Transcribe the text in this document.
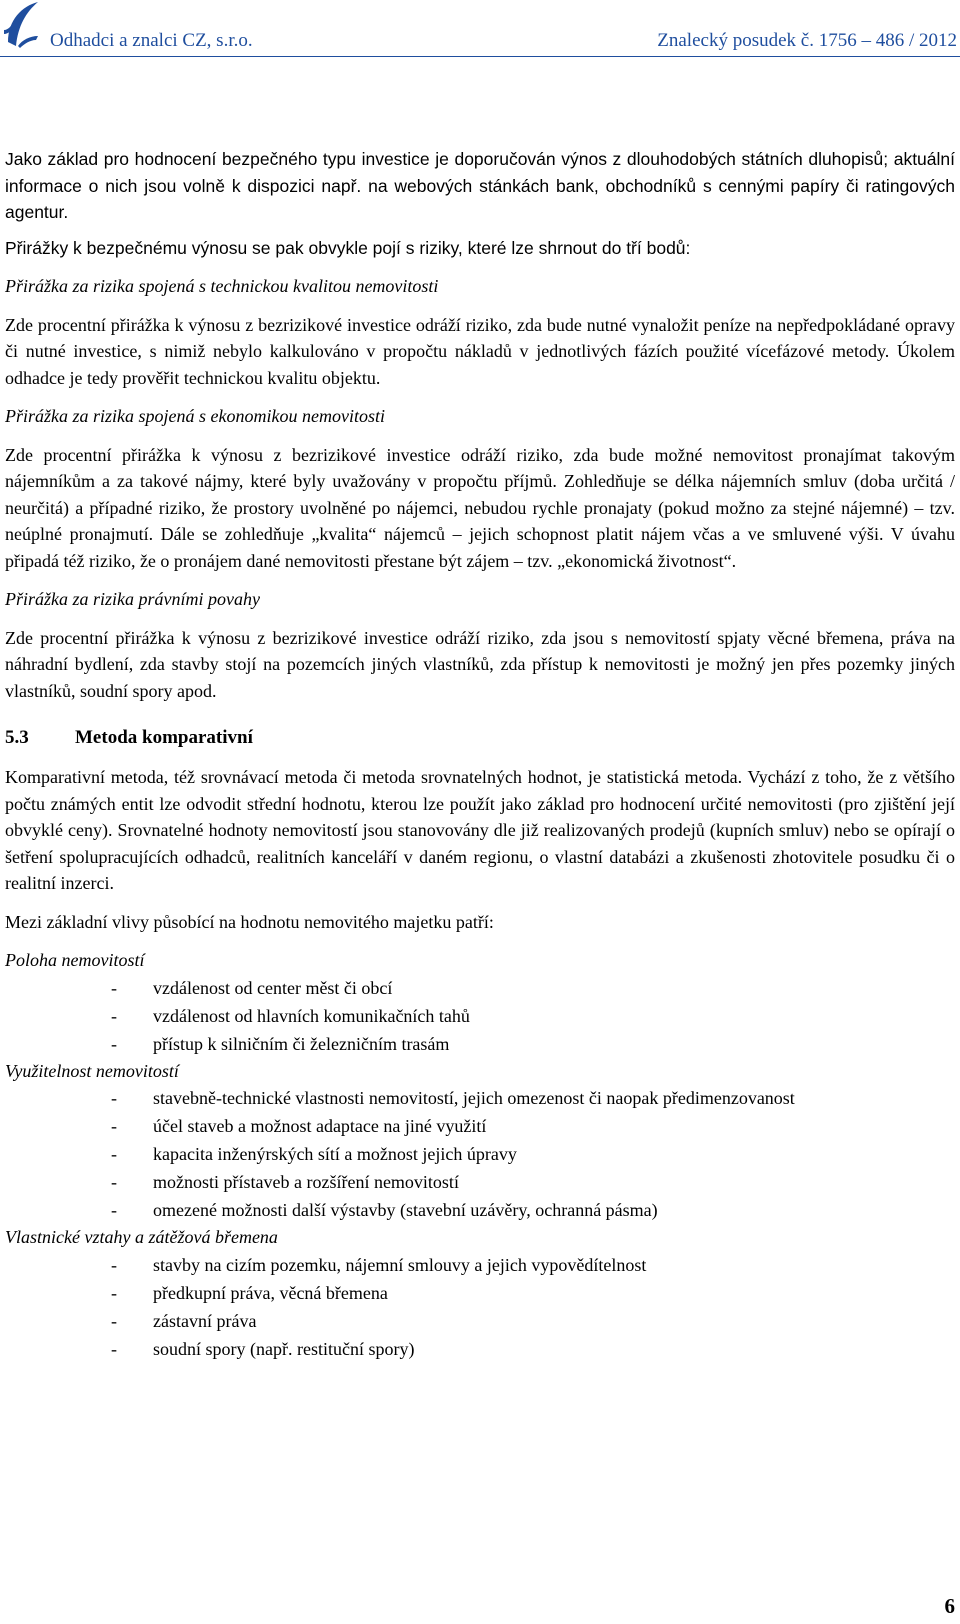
Odhadci a znalci CZ, s.r.o.	Znalecký posudek č. 1756 – 486 / 2012

Jako základ pro hodnocení bezpečného typu investice je doporučován výnos z dlouhodobých státních dluhopisů; aktuální informace o nich jsou volně k dispozici např. na webových stánkách bank, obchodníků s cennými papíry či ratingových agentur.

Přirážky k bezpečnému výnosu se pak obvykle pojí s riziky, které lze shrnout do tří bodů:

Přirážka za rizika spojená s technickou kvalitou nemovitosti

Zde procentní přirážka k výnosu z bezrizikové investice odráží riziko, zda bude nutné vynaložit peníze na nepředpokládané opravy či nutné investice, s nimiž nebylo kalkulováno v propočtu nákladů v jednotlivých fázích použité vícefázové metody. Úkolem odhadce je tedy prověřit technickou kvalitu objektu.

Přirážka za rizika spojená s ekonomikou nemovitosti

Zde procentní přirážka k výnosu z bezrizikové investice odráží riziko, zda bude možné nemovitost pronajímat takovým nájemníkům a za takové nájmy, které byly uvažovány v propočtu příjmů. Zohledňuje se délka nájemních smluv (doba určitá / neurčitá) a případné riziko, že prostory uvolněné po nájemci, nebudou rychle pronajaty (pokud možno za stejné nájemné) – tzv. neúplné pronajmutí. Dále se zohledňuje „kvalita“ nájemců – jejich schopnost platit nájem včas a ve smluvené výši. V úvahu připadá též riziko, že o pronájem dané nemovitosti přestane být zájem – tzv. „ekonomická životnost“.

Přirážka za rizika právními povahy

Zde procentní přirážka k výnosu z bezrizikové investice odráží riziko, zda jsou s nemovitostí spjaty věcné břemena, práva na náhradní bydlení, zda stavby stojí na pozemcích jiných vlastníků, zda přístup k nemovitosti je možný jen přes pozemky jiných vlastníků, soudní spory apod.

5.3 Metoda komparativní

Komparativní metoda, též srovnávací metoda či metoda srovnatelných hodnot, je statistická metoda. Vychází z toho, že z většího počtu známých entit lze odvodit střední hodnotu, kterou lze použít jako základ pro hodnocení určité nemovitosti (pro zjištění její obvyklé ceny). Srovnatelné hodnoty nemovitostí jsou stanovovány dle již realizovaných prodejů (kupních smluv) nebo se opírají o šetření spolupracujících odhadců, realitních kanceláří v daném regionu, o vlastní databázi a zkušenosti zhotovitele posudku či o realitní inzerci.

Mezi základní vlivy působící na hodnotu nemovitého majetku patří:

Poloha nemovitostí

- vzdálenost od center měst či obcí
- vzdálenost od hlavních komunikačních tahů
- přístup k silničním či železničním trasám

Využitelnost nemovitostí

- stavebně-technické vlastnosti nemovitostí, jejich omezenost či naopak předimenzovanost
- účel staveb a možnost adaptace na jiné využití
- kapacita inženýrských sítí a možnost jejich úpravy
- možnosti přístaveb a rozšíření nemovitostí
- omezené možnosti další výstavby (stavební uzávěry, ochranná pásma)

Vlastnické vztahy a zátěžová břemena

- stavby na cizím pozemku, nájemní smlouvy a jejich vypovědítelnost
- předkupní práva, věcná břemena
- zástavní práva
- soudní spory (např. restituční spory)
6
